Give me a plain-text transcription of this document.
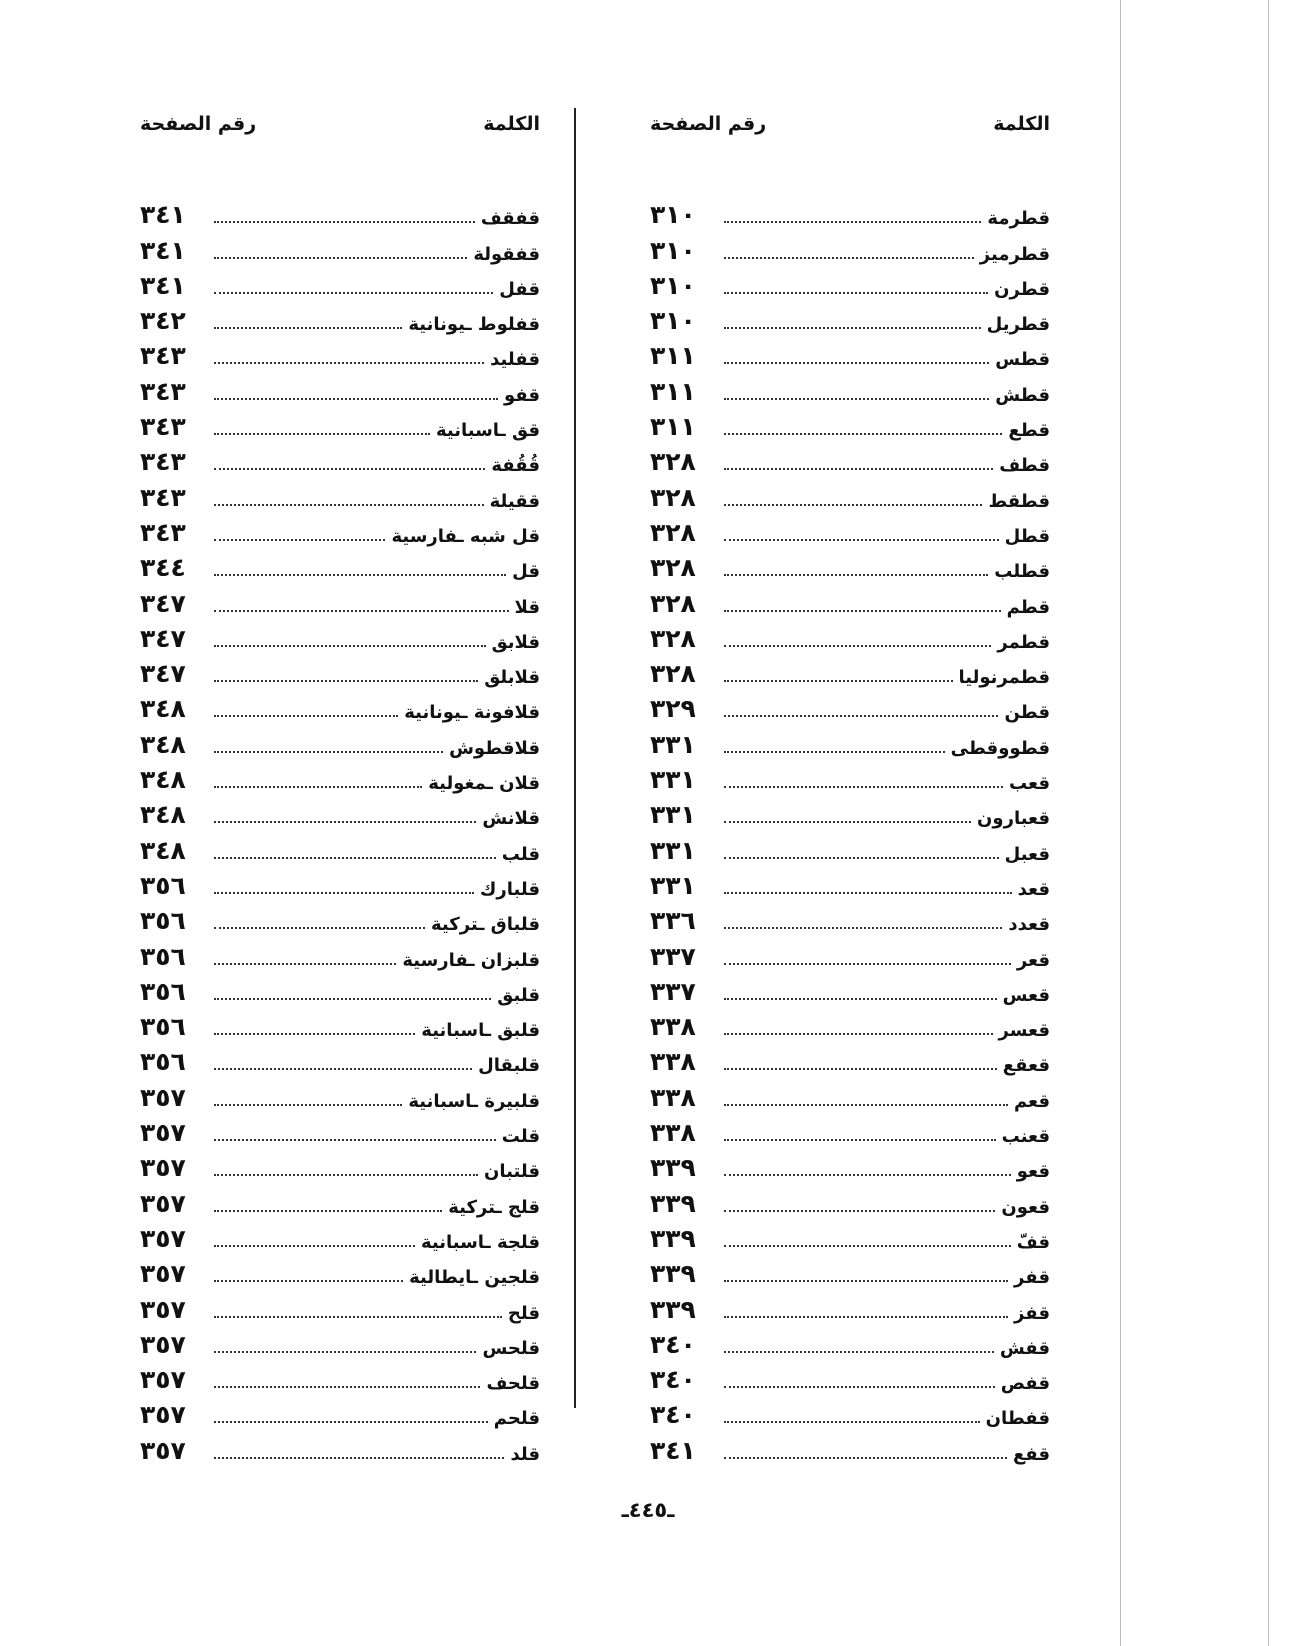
الكلمة
رقم الصفحة
قطرمة
٣١٠
قطرميز
٣١٠
قطرن
٣١٠
قطريل
٣١٠
قطس
٣١١
قطش
٣١١
قطع
٣١١
قطف
٣٢٨
قطقط
٣٢٨
قطل
٣٢٨
قطلب
٣٢٨
قطم
٣٢٨
قطمر
٣٢٨
قطمرنوليا
٣٢٨
قطن
٣٢٩
قطووقطى
٣٣١
قعب
٣٣١
قعبارون
٣٣١
قعبل
٣٣١
قعد
٣٣١
قعدد
٣٣٦
قعر
٣٣٧
قعس
٣٣٧
قعسر
٣٣٨
قعقع
٣٣٨
قعم
٣٣٨
قعنب
٣٣٨
قعو
٣٣٩
قعون
٣٣٩
قفّ
٣٣٩
قفر
٣٣٩
قفز
٣٣٩
قفش
٣٤٠
قفص
٣٤٠
قفطان
٣٤٠
قفع
٣٤١
الكلمة
رقم الصفحة
قفقف
٣٤١
قفقولة
٣٤١
قفل
٣٤١
قفلوط ـيونانية
٣٤٢
قفليد
٣٤٣
قفو
٣٤٣
قق ـاسبانية
٣٤٣
قُقُفة
٣٤٣
ققيلة
٣٤٣
قل شبه ـفارسية
٣٤٣
قل
٣٤٤
قلا
٣٤٧
قلابق
٣٤٧
قلابلق
٣٤٧
قلافونة ـيونانية
٣٤٨
قلاقطوش
٣٤٨
قلان ـمغولية
٣٤٨
قلانش
٣٤٨
قلب
٣٤٨
قلبارك
٣٥٦
قلباق ـتركية
٣٥٦
قلبزان ـفارسية
٣٥٦
قلبق
٣٥٦
قلبق ـاسبانية
٣٥٦
قلبقال
٣٥٦
قلبيرة ـاسبانية
٣٥٧
قلت
٣٥٧
قلتبان
٣٥٧
قلج ـتركية
٣٥٧
قلجة ـاسبانية
٣٥٧
قلجين ـايطالية
٣٥٧
قلح
٣٥٧
قلحس
٣٥٧
قلحف
٣٥٧
قلحم
٣٥٧
قلد
٣٥٧
ـ٤٤٥ـ
